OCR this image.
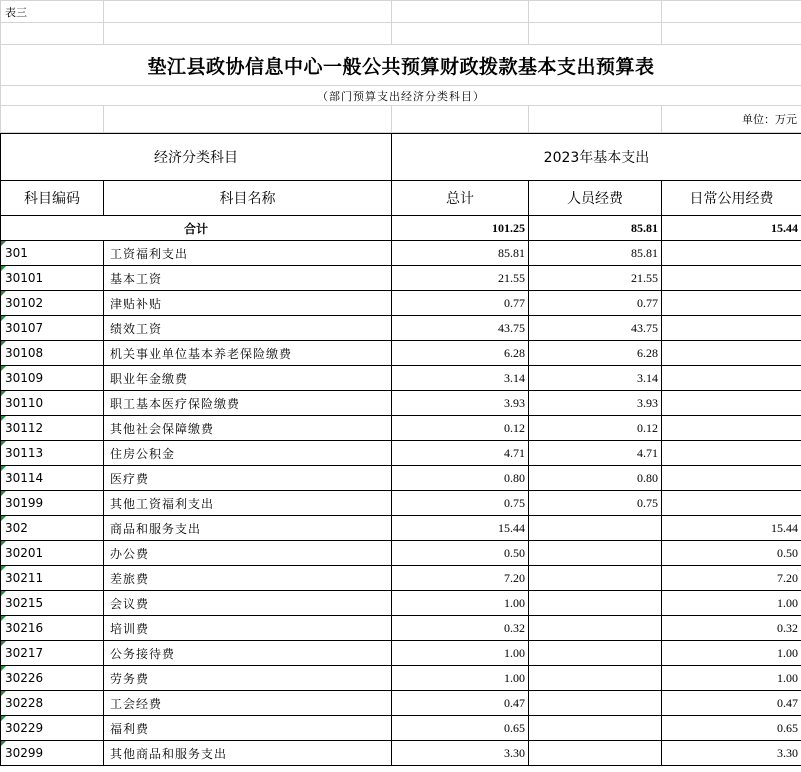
表三				

垫江县政协信息中心一般公共预算财政拨款基本支出预算表				
（部门预算支出经济分类科目）				
				单位：万元
经济分类科目		2023年基本支出		
科目编码	科目名称	总计	人员经费	日常公用经费
合计		101.25	85.81	15.44
301	工资福利支出	85.81	85.81	
30101	基本工资	21.55	21.55	
30102	津贴补贴	0.77	0.77	
30107	绩效工资	43.75	43.75	
30108	机关事业单位基本养老保险缴费	6.28	6.28	
30109	职业年金缴费	3.14	3.14	
30110	职工基本医疗保险缴费	3.93	3.93	
30112	其他社会保障缴费	0.12	0.12	
30113	住房公积金	4.71	4.71	
30114	医疗费	0.80	0.80	
30199	其他工资福利支出	0.75	0.75	
302	商品和服务支出	15.44		15.44
30201	办公费	0.50		0.50
30211	差旅费	7.20		7.20
30215	会议费	1.00		1.00
30216	培训费	0.32		0.32
30217	公务接待费	1.00		1.00
30226	劳务费	1.00		1.00
30228	工会经费	0.47		0.47
30229	福利费	0.65		0.65
30299	其他商品和服务支出	3.30		3.30
